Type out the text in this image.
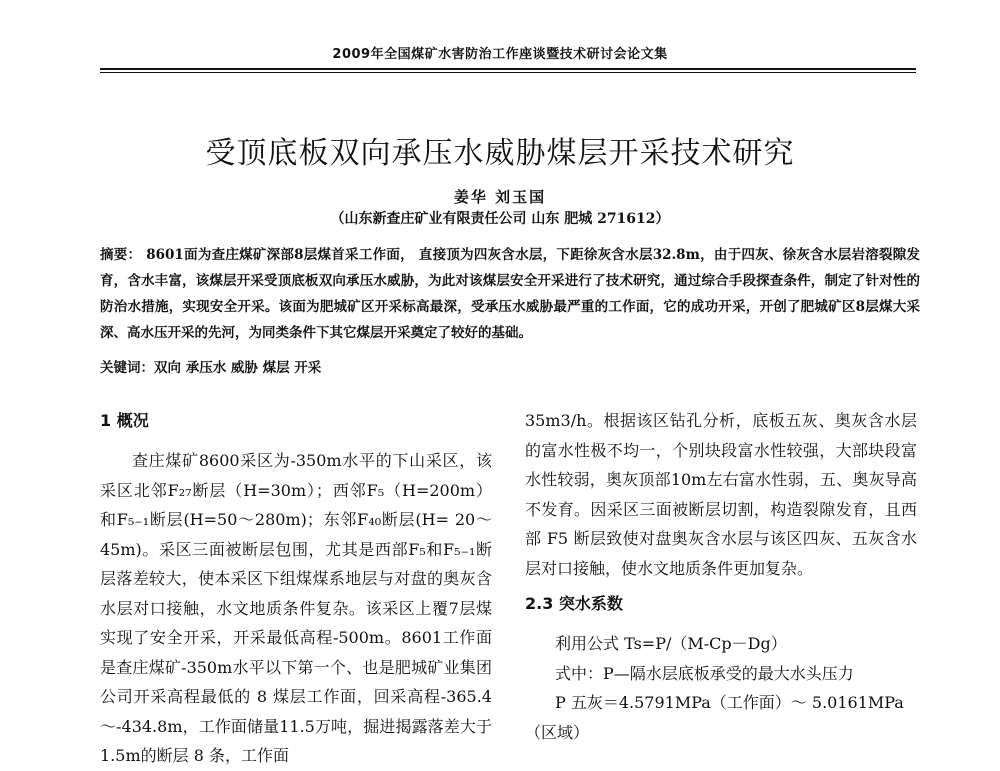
2009年全国煤矿水害防治工作座谈暨技术研讨会论文集
受顶底板双向承压水威胁煤层开采技术研究
姜华 刘玉国
（山东新查庄矿业有限责任公司 山东 肥城 271612）

摘要： 8601面为查庄煤矿深部8层煤首采工作面， 直接顶为四灰含水层，下距徐灰含水层32.8m，由于四灰、徐灰含水层岩溶裂隙发育，含水丰富，该煤层开采受顶底板双向承压水威胁，为此对该煤层安全开采进行了技术研究，通过综合手段探查条件，制定了针对性的防治水措施，实现安全开采。该面为肥城矿区开采标高最深，受承压水威胁最严重的工作面，它的成功开采，开创了肥城矿区8层煤大采深、高水压开采的先河，为同类条件下其它煤层开采奠定了较好的基础。

关键词：双向 承压水 威胁 煤层 开采

1 概况

查庄煤矿8600采区为-350m水平的下山采区，该采区北邻F₂₇断层（H=30m）；西邻F₅（H=200m）和F₅₋₁断层(H=50～280m)；东邻F₄₀断层(H= 20～45m)。采区三面被断层包围，尤其是西部F₅和F₅₋₁断层落差较大，使本采区下组煤煤系地层与对盘的奥灰含水层对口接触，水文地质条件复杂。该采区上覆7层煤实现了安全开采，开采最低高程-500m。8601工作面是查庄煤矿-350m水平以下第一个、也是肥城矿业集团公司开采高程最低的 8 煤层工作面，回采高程-365.4～-434.8m，工作面储量11.5万吨，掘进揭露落差大于 1.5m的断层 8 条，工作面

35m3/h。根据该区钻孔分析，底板五灰、奥灰含水层的富水性极不均一，个别块段富水性较强，大部块段富水性较弱，奥灰顶部10m左右富水性弱，五、奥灰导高不发育。因采区三面被断层切割，构造裂隙发育，且西部 F5 断层致使对盘奥灰含水层与该区四灰、五灰含水层对口接触，使水文地质条件更加复杂。

2.3 突水系数

利用公式 Ts=P/（M-Cp－Dg）

式中：P—隔水层底板承受的最大水头压力

P 五灰＝4.5791MPa（工作面）～ 5.0161MPa

（区域）
